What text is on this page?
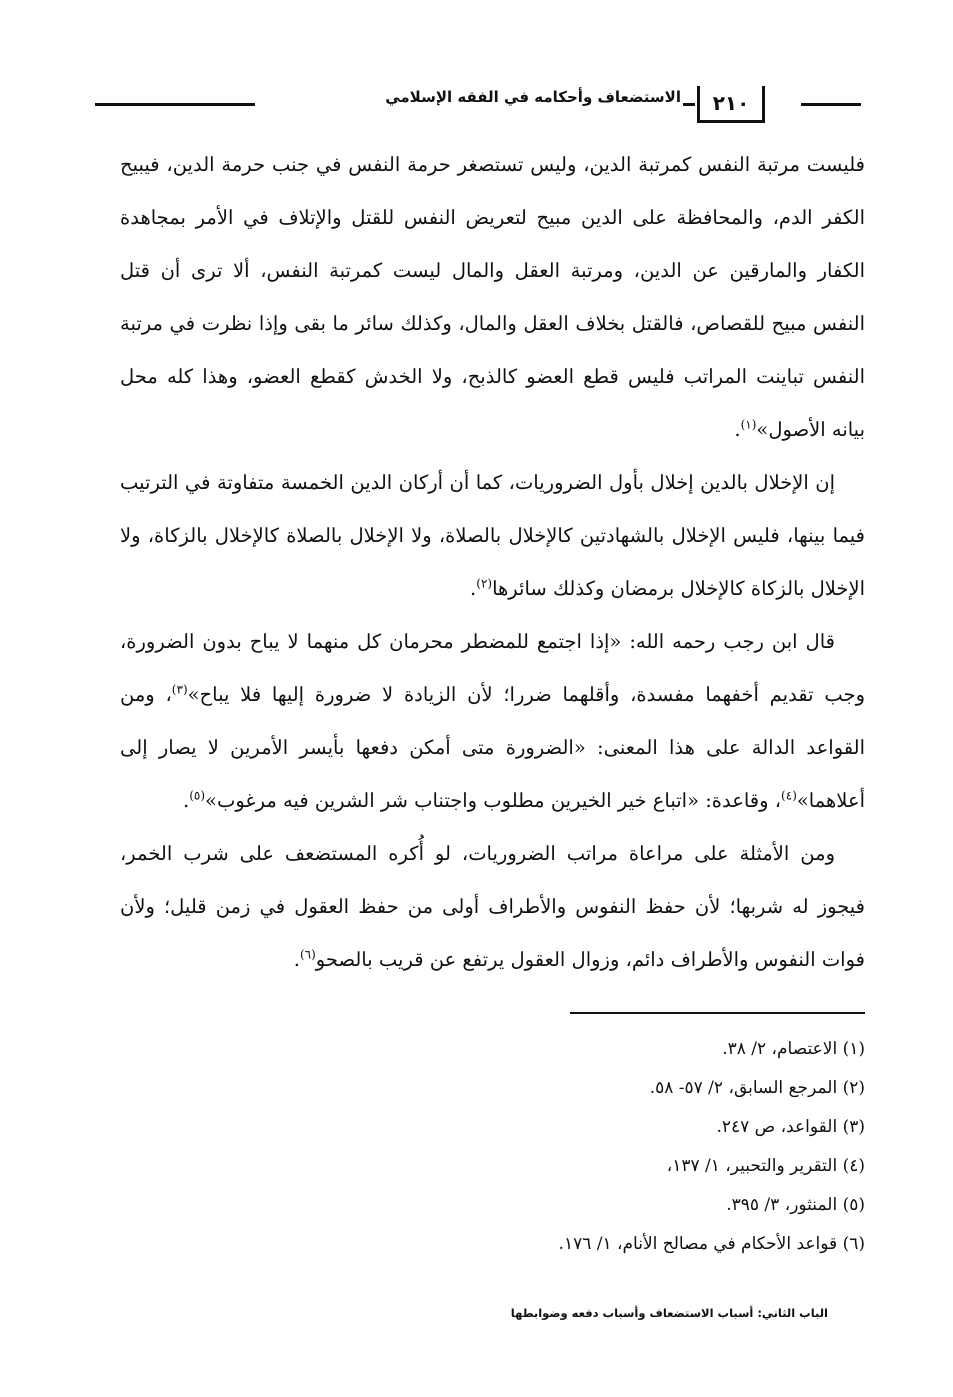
٢١٠
الاستضعاف وأحكامه في الفقه الإسلامي

فليست مرتبة النفس كمرتبة الدين، وليس تستصغر حرمة النفس في جنب حرمة الدين، فيبيح الكفر الدم، والمحافظة على الدين مبيح لتعريض النفس للقتل والإتلاف في الأمر بمجاهدة الكفار والمارقين عن الدين، ومرتبة العقل والمال ليست كمرتبة النفس، ألا ترى أن قتل النفس مبيح للقصاص، فالقتل بخلاف العقل والمال، وكذلك سائر ما بقى وإذا نظرت في مرتبة النفس تباينت المراتب فليس قطع العضو كالذبح، ولا الخدش كقطع العضو، وهذا كله محل بيانه الأصول»$^{(١)}$.

إن الإخلال بالدين إخلال بأول الضروريات، كما أن أركان الدين الخمسة متفاوتة في الترتيب فيما بينها، فليس الإخلال بالشهادتين كالإخلال بالصلاة، ولا الإخلال بالصلاة كالإخلال بالزكاة، ولا الإخلال بالزكاة كالإخلال برمضان وكذلك سائرها$^{(٢)}$.

قال ابن رجب رحمه الله: «إذا اجتمع للمضطر محرمان كل منهما لا يباح بدون الضرورة، وجب تقديم أخفهما مفسدة، وأقلهما ضررا؛ لأن الزيادة لا ضرورة إليها فلا يباح»$^{(٣)}$، ومن القواعد الدالة على هذا المعنى: «الضرورة متى أمكن دفعها بأيسر الأمرين لا يصار إلى أعلاهما»$^{(٤)}$، وقاعدة: «اتباع خير الخيرين مطلوب واجتناب شر الشرين فيه مرغوب»$^{(٥)}$.

ومن الأمثلة على مراعاة مراتب الضروريات، لو أُكره المستضعف على شرب الخمر، فيجوز له شربها؛ لأن حفظ النفوس والأطراف أولى من حفظ العقول في زمن قليل؛ ولأن فوات النفوس والأطراف دائم، وزوال العقول يرتفع عن قريب بالصحو$^{(٦)}$.

(١) الاعتصام، ٢/ ٣٨.
(٢) المرجع السابق، ٢/ ٥٧- ٥٨.
(٣) القواعد، ص ٢٤٧.
(٤) التقرير والتحبير، ١/ ١٣٧،
(٥) المنثور، ٣/ ٣٩٥.
(٦) قواعد الأحكام في مصالح الأنام، ١/ ١٧٦.
الباب الثاني: أسباب الاستضعاف وأسباب دفعه وضوابطها
